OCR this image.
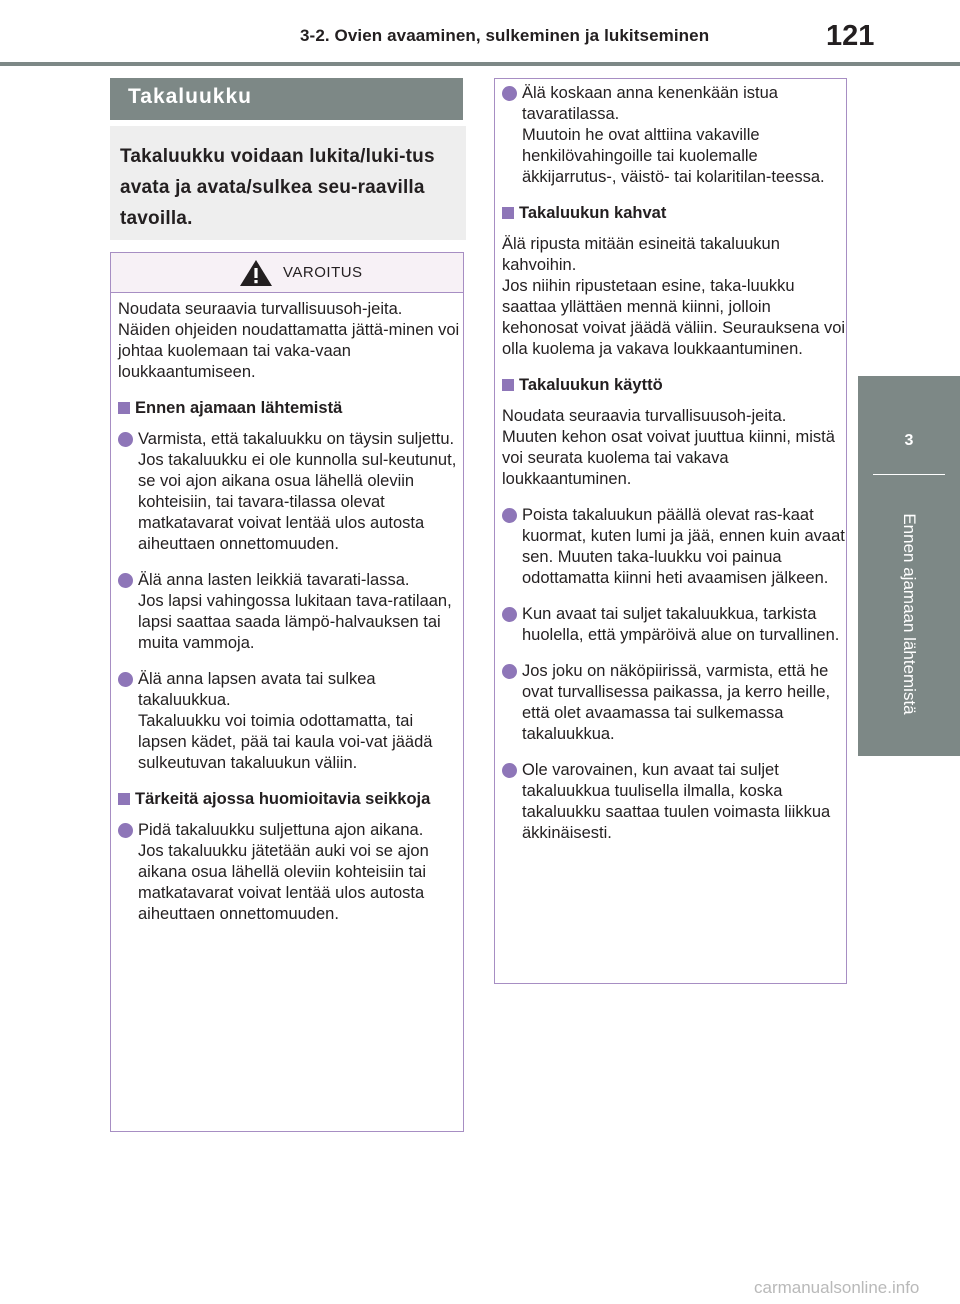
3-2. Ovien avaaminen, sulkeminen ja lukitseminen	121
3
Ennen ajamaan lähtemistä
Takaluukku
Takaluukku voidaan lukita/luki-tus avata ja avata/sulkea seu-raavilla tavoilla.
VAROITUS
Noudata seuraavia turvallisuusoh-jeita.
Näiden ohjeiden noudattamatta jättä-minen voi johtaa kuolemaan tai vaka-vaan loukkaantumiseen.
Ennen ajamaan lähtemistä
Varmista, että takaluukku on täysin suljettu.
Jos takaluukku ei ole kunnolla sul-keutunut, se voi ajon aikana osua lähellä oleviin kohteisiin, tai tavara-tilassa olevat matkatavarat voivat lentää ulos autosta aiheuttaen onnettomuuden.
Älä anna lasten leikkiä tavarati-lassa.
Jos lapsi vahingossa lukitaan tava-ratilaan, lapsi saattaa saada lämpö-halvauksen tai muita vammoja.
Älä anna lapsen avata tai sulkea takaluukkua.
Takaluukku voi toimia odottamatta, tai lapsen kädet, pää tai kaula voi-vat jäädä sulkeutuvan takaluukun väliin.
Tärkeitä ajossa huomioitavia seikkoja
Pidä takaluukku suljettuna ajon aikana.
Jos takaluukku jätetään auki voi se ajon aikana osua lähellä oleviin kohteisiin tai matkatavarat voivat lentää ulos autosta aiheuttaen onnettomuuden.
Älä koskaan anna kenenkään istua tavaratilassa.
Muutoin he ovat alttiina vakaville henkilövahingoille tai kuolemalle äkkijarrutus-, väistö- tai kolaritilan-teessa.
Takaluukun kahvat
Älä ripusta mitään esineitä takaluukun kahvoihin.
Jos niihin ripustetaan esine, taka-luukku saattaa yllättäen mennä kiinni, jolloin kehonosat voivat jäädä väliin. Seurauksena voi olla kuolema ja vakava loukkaantuminen.
Takaluukun käyttö
Noudata seuraavia turvallisuusoh-jeita.
Muuten kehon osat voivat juuttua kiinni, mistä voi seurata kuolema tai vakava loukkaantuminen.
Poista takaluukun päällä olevat ras-kaat kuormat, kuten lumi ja jää, ennen kuin avaat sen. Muuten taka-luukku voi painua odottamatta kiinni heti avaamisen jälkeen.
Kun avaat tai suljet takaluukkua, tarkista huolella, että ympäröivä alue on turvallinen.
Jos joku on näköpiirissä, varmista, että he ovat turvallisessa paikassa, ja kerro heille, että olet avaamassa tai sulkemassa takaluukkua.
Ole varovainen, kun avaat tai suljet takaluukkua tuulisella ilmalla, koska takaluukku saattaa tuulen voimasta liikkua äkkinäisesti.
carmanualsonline.info
